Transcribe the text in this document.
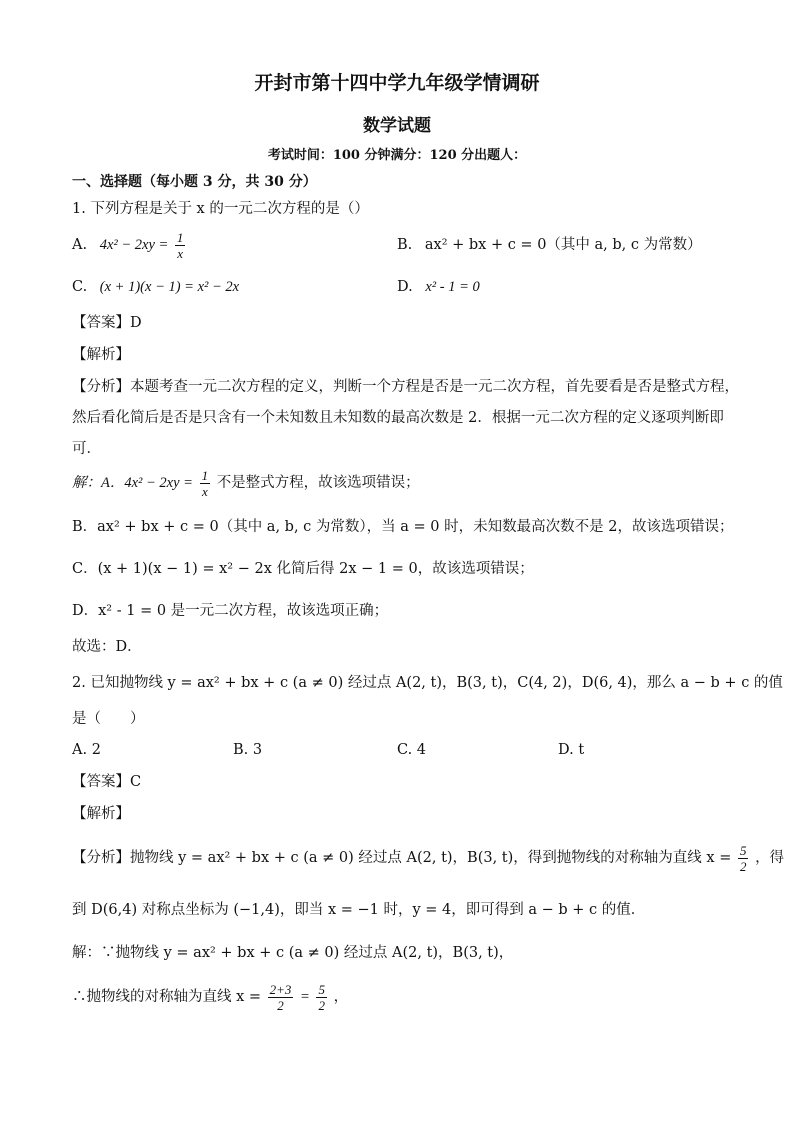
开封市第十四中学九年级学情调研
数学试题
考试时间：100 分钟满分：120 分出题人：
一、选择题（每小题 3 分，共 30 分）
1. 下列方程是关于 x 的一元二次方程的是（）
A. $4x^2 - 2xy = \frac{1}{x}$	B. ax² + bx + c = 0（其中 a, b, c 为常数）
C. (x + 1)(x − 1) = x² − 2x	D. x² - 1 = 0
【答案】D
【解析】
【分析】本题考查一元二次方程的定义，判断一个方程是否是一元二次方程，首先要看是否是整式方程，
然后看化简后是否是只含有一个未知数且未知数的最高次数是 2．根据一元二次方程的定义逐项判断即
可．
解：A．$4x^2 - 2xy = \frac{1}{x}$ 不是整式方程，故该选项错误；
B．ax² + bx + c = 0（其中 a, b, c 为常数），当 a = 0 时，未知数最高次数不是 2，故该选项错误；
C．(x + 1)(x − 1) = x² − 2x 化简后得 2x − 1 = 0，故该选项错误；
D．x² - 1 = 0 是一元二次方程，故该选项正确；
故选：D．
2. 已知抛物线 y = ax² + bx + c (a ≠ 0) 经过点 A(2, t)，B(3, t)，C(4, 2)，D(6, 4)，那么 a − b + c 的值
是（　　）
A. 2	B. 3	C. 4	D. t
【答案】C
【解析】
【分析】抛物线 y = ax² + bx + c (a ≠ 0) 经过点 A(2, t)，B(3, t)，得到抛物线的对称轴为直线 $x = \frac{5}{2}$ ，得
到 D(6,4) 对称点坐标为 (−1,4)，即当 x = −1 时，y = 4，即可得到 a − b + c 的值．
解：∵抛物线 y = ax² + bx + c (a ≠ 0) 经过点 A(2, t)，B(3, t)，
∴抛物线的对称轴为直线 $x = \frac{2+3}{2} = \frac{5}{2}$ ，
